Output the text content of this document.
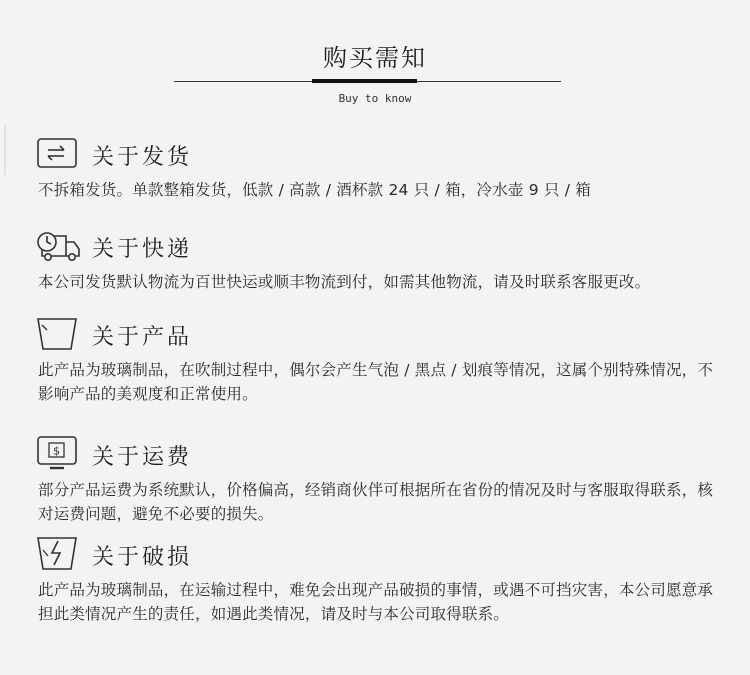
购买需知
Buy to know
关于发货
不拆箱发货。单款整箱发货，低款 / 高款 / 酒杯款 24 只 / 箱，冷水壶 9 只 / 箱
关于快递
本公司发货默认物流为百世快运或顺丰物流到付，如需其他物流，请及时联系客服更改。
关于产品
此产品为玻璃制品，在吹制过程中，偶尔会产生气泡 / 黑点 / 划痕等情况，这属个别特殊情况，不影响产品的美观度和正常使用。
$ 关于运费
部分产品运费为系统默认，价格偏高，经销商伙伴可根据所在省份的情况及时与客服取得联系，核对运费问题，避免不必要的损失。
关于破损
此产品为玻璃制品，在运输过程中，难免会出现产品破损的事情，或遇不可挡灾害，本公司愿意承担此类情况产生的责任，如遇此类情况，请及时与本公司取得联系。
